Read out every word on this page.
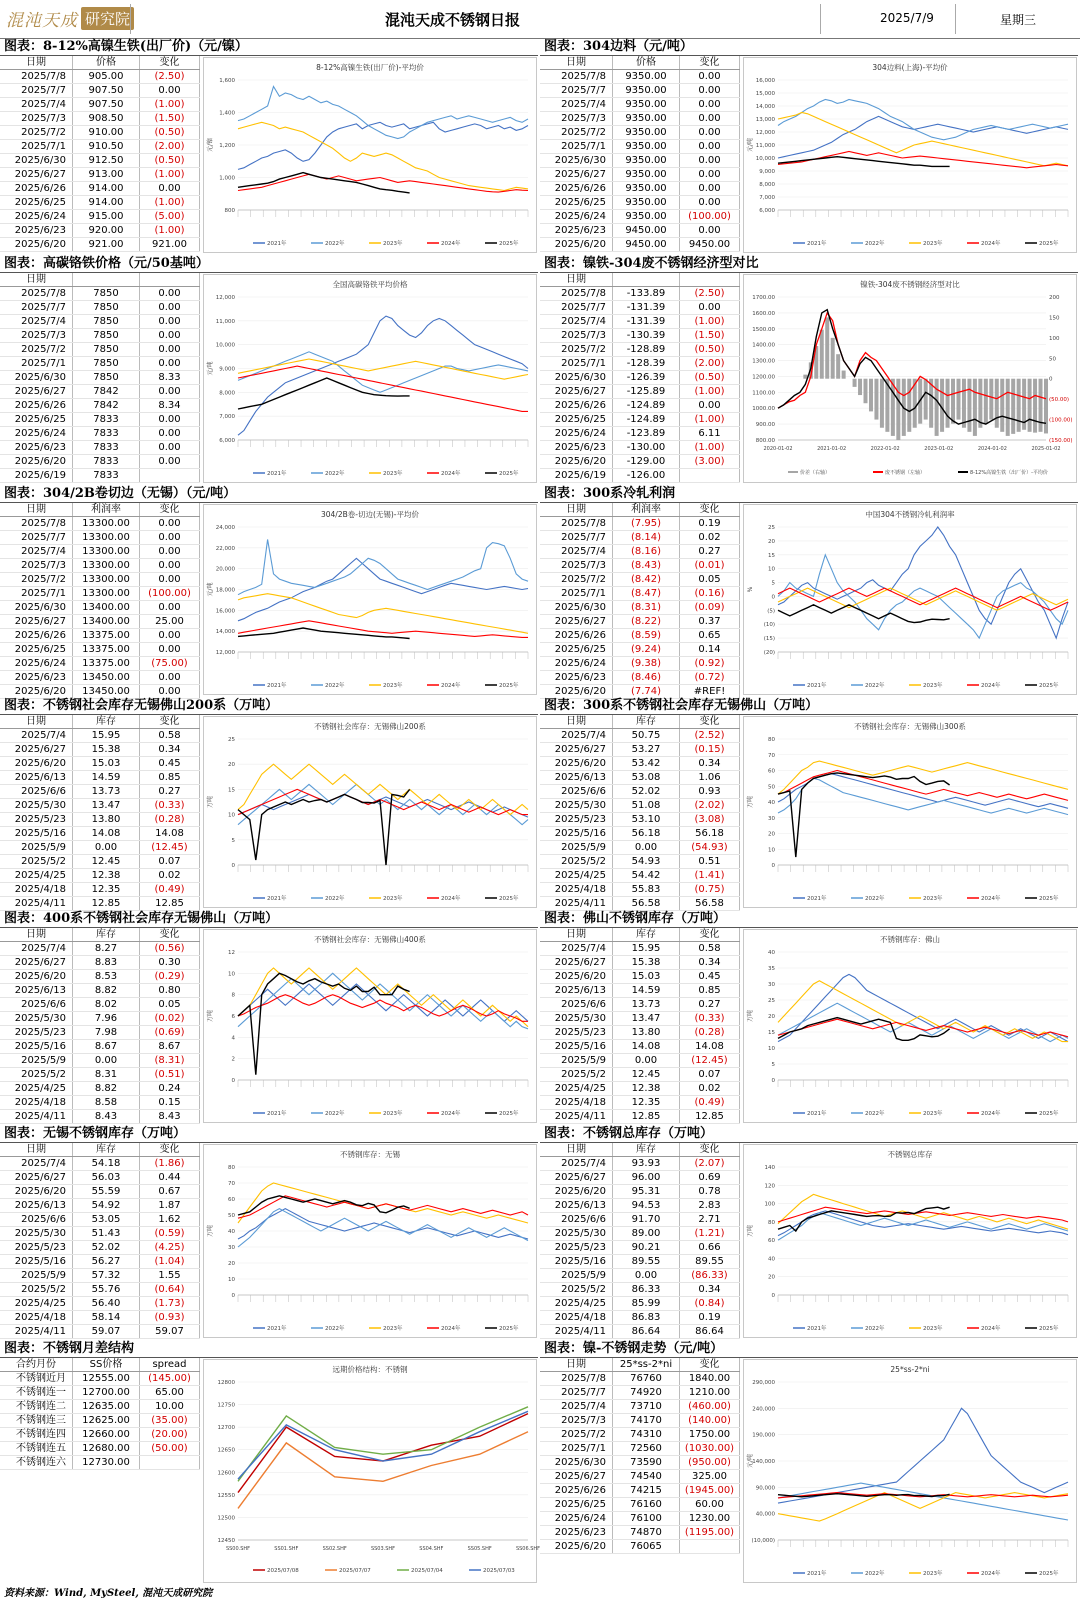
混沌天成 研究院	混沌天成不锈钢日报	2025/7/9	星期三
图表：8-12%高镍生铁(出厂价)（元/镍）
日期	价格	变化
2025/7/8	905.00	(2.50)
2025/7/7	907.50	0.00
2025/7/4	907.50	(1.00)
2025/7/3	908.50	(1.50)
2025/7/2	910.00	(0.50)
2025/7/1	910.50	(2.00)
2025/6/30	912.50	(0.50)
2025/6/27	913.00	(1.00)
2025/6/26	914.00	0.00
2025/6/25	914.00	(1.00)
2025/6/24	915.00	(5.00)
2025/6/23	920.00	(1.00)
2025/6/20	921.00	921.00
8-12%高镍生铁(出厂价)-平均价
元/镍
1,600
1,400
1,200
1,000
800
2021年	2022年	2023年	2024年	2025年
图表：304边料（元/吨）
日期	价格	变化
2025/7/8	9350.00	0.00
2025/7/7	9350.00	0.00
2025/7/4	9350.00	0.00
2025/7/3	9350.00	0.00
2025/7/2	9350.00	0.00
2025/7/1	9350.00	0.00
2025/6/30	9350.00	0.00
2025/6/27	9350.00	0.00
2025/6/26	9350.00	0.00
2025/6/25	9350.00	0.00
2025/6/24	9350.00	(100.00)
2025/6/23	9450.00	0.00
2025/6/20	9450.00	9450.00
304边料(上海)-平均价
元/吨
16,000
15,000
14,000
13,000
12,000
11,000
10,000
9,000
8,000
7,000
6,000
2021年	2022年	2023年	2024年	2025年
图表：高碳铬铁价格（元/50基吨）
日期		
2025/7/8	7850	0.00
2025/7/7	7850	0.00
2025/7/4	7850	0.00
2025/7/3	7850	0.00
2025/7/2	7850	0.00
2025/7/1	7850	0.00
2025/6/30	7850	8.33
2025/6/27	7842	0.00
2025/6/26	7842	8.34
2025/6/25	7833	0.00
2025/6/24	7833	0.00
2025/6/23	7833	0.00
2025/6/20	7833	0.00
2025/6/19	7833	
全国高碳铬铁平均价格
元/吨
12,000
11,000
10,000
9,000
8,000
7,000
6,000
2021年	2022年	2023年	2024年	2025年
图表：镍铁-304废不锈钢经济型对比
日期		
2025/7/8	-133.89	(2.50)
2025/7/7	-131.39	0.00
2025/7/4	-131.39	(1.00)
2025/7/3	-130.39	(1.50)
2025/7/2	-128.89	(0.50)
2025/7/1	-128.39	(2.00)
2025/6/30	-126.39	(0.50)
2025/6/27	-125.89	(1.00)
2025/6/26	-124.89	0.00
2025/6/25	-124.89	(1.00)
2025/6/24	-123.89	6.11
2025/6/23	-130.00	(1.00)
2025/6/20	-129.00	(3.00)
2025/6/19	-126.00	
镍铁-304废不锈钢经济型对比
1700.00
1600.00
1500.00
1400.00
1300.00
1200.00
1100.00
1000.00
900.00
800.00
200
150
100
50
0
(50.00)
(100.00)
(150.00)
2020-01-02	2021-01-02	2022-01-02	2023-01-02	2024-01-02	2025-01-02
价差（右轴）	废不锈钢（左轴）	8-12%高镍生铁（出厂价）-平均价
图表：304/2B卷切边（无锡）（元/吨）
日期	利润率	变化
2025/7/8	13300.00	0.00
2025/7/7	13300.00	0.00
2025/7/4	13300.00	0.00
2025/7/3	13300.00	0.00
2025/7/2	13300.00	0.00
2025/7/1	13300.00	(100.00)
2025/6/30	13400.00	0.00
2025/6/27	13400.00	25.00
2025/6/26	13375.00	0.00
2025/6/25	13375.00	0.00
2025/6/24	13375.00	(75.00)
2025/6/23	13450.00	0.00
2025/6/20	13450.00	0.00
304/2B卷-切边(无锡)-平均价
元/吨
24,000
22,000
20,000
18,000
16,000
14,000
12,000
2021年	2022年	2023年	2024年	2025年
图表：300系冷轧利润
日期	利润率	变化
2025/7/8	(7.95)	0.19
2025/7/7	(8.14)	0.02
2025/7/4	(8.16)	0.27
2025/7/3	(8.43)	(0.01)
2025/7/2	(8.42)	0.05
2025/7/1	(8.47)	(0.16)
2025/6/30	(8.31)	(0.09)
2025/6/27	(8.22)	0.37
2025/6/26	(8.59)	0.65
2025/6/25	(9.24)	0.14
2025/6/24	(9.38)	(0.92)
2025/6/23	(8.46)	(0.72)
2025/6/20	(7.74)	#REF!
中国304不锈钢冷轧利润率
%
25
20
15
10
5
0
(5)
(10)
(15)
(20)
2021年	2022年	2023年	2024年	2025年
图表：不锈钢社会库存无锡佛山200系（万吨）
日期	库存	变化
2025/7/4	15.95	0.58
2025/6/27	15.38	0.34
2025/6/20	15.03	0.45
2025/6/13	14.59	0.85
2025/6/6	13.73	0.27
2025/5/30	13.47	(0.33)
2025/5/23	13.80	(0.28)
2025/5/16	14.08	14.08
2025/5/9	0.00	(12.45)
2025/5/2	12.45	0.07
2025/4/25	12.38	0.02
2025/4/18	12.35	(0.49)
2025/4/11	12.85	12.85
不锈钢社会库存：无锡佛山200系
万吨
25
20
15
10
5
0
2021年	2022年	2023年	2024年	2025年
图表：300系不锈钢社会库存无锡佛山（万吨）
日期	库存	变化
2025/7/4	50.75	(2.52)
2025/6/27	53.27	(0.15)
2025/6/20	53.42	0.34
2025/6/13	53.08	1.06
2025/6/6	52.02	0.93
2025/5/30	51.08	(2.02)
2025/5/23	53.10	(3.08)
2025/5/16	56.18	56.18
2025/5/9	0.00	(54.93)
2025/5/2	54.93	0.51
2025/4/25	54.42	(1.41)
2025/4/18	55.83	(0.75)
2025/4/11	56.58	56.58
不锈钢社会库存：无锡佛山300系
万吨
80
70
60
50
40
30
20
10
0
2021年	2022年	2023年	2024年	2025年
图表：400系不锈钢社会库存无锡佛山（万吨）
日期	库存	变化
2025/7/4	8.27	(0.56)
2025/6/27	8.83	0.30
2025/6/20	8.53	(0.29)
2025/6/13	8.82	0.80
2025/6/6	8.02	0.05
2025/5/30	7.96	(0.02)
2025/5/23	7.98	(0.69)
2025/5/16	8.67	8.67
2025/5/9	0.00	(8.31)
2025/5/2	8.31	(0.51)
2025/4/25	8.82	0.24
2025/4/18	8.58	0.15
2025/4/11	8.43	8.43
不锈钢社会库存：无锡佛山400系
万吨
12
10
8
6
4
2
0
2021年	2022年	2023年	2024年	2025年
图表：佛山不锈钢库存（万吨）
日期	库存	变化
2025/7/4	15.95	0.58
2025/6/27	15.38	0.34
2025/6/20	15.03	0.45
2025/6/13	14.59	0.85
2025/6/6	13.73	0.27
2025/5/30	13.47	(0.33)
2025/5/23	13.80	(0.28)
2025/5/16	14.08	14.08
2025/5/9	0.00	(12.45)
2025/5/2	12.45	0.07
2025/4/25	12.38	0.02
2025/4/18	12.35	(0.49)
2025/4/11	12.85	12.85
不锈钢库存：佛山
万吨
40
35
30
25
20
15
10
5
0
2021年	2022年	2023年	2024年	2025年
图表：无锡不锈钢库存（万吨）
日期	库存	变化
2025/7/4	54.18	(1.86)
2025/6/27	56.03	0.44
2025/6/20	55.59	0.67
2025/6/13	54.92	1.87
2025/6/6	53.05	1.62
2025/5/30	51.43	(0.59)
2025/5/23	52.02	(4.25)
2025/5/16	56.27	(1.04)
2025/5/9	57.32	1.55
2025/5/2	55.76	(0.64)
2025/4/25	56.40	(1.73)
2025/4/18	58.14	(0.93)
2025/4/11	59.07	59.07
不锈钢库存：无锡
万吨
80
70
60
50
40
30
20
10
0
2021年	2022年	2023年	2024年	2025年
图表：不锈钢总库存（万吨）
日期	库存	变化
2025/7/4	93.93	(2.07)
2025/6/27	96.00	0.69
2025/6/20	95.31	0.78
2025/6/13	94.53	2.83
2025/6/6	91.70	2.71
2025/5/30	89.00	(1.21)
2025/5/23	90.21	0.66
2025/5/16	89.55	89.55
2025/5/9	0.00	(86.33)
2025/5/2	86.33	0.34
2025/4/25	85.99	(0.84)
2025/4/18	86.83	0.19
2025/4/11	86.64	86.64
不锈钢总库存
万吨
140
120
100
80
60
40
20
0
2021年	2022年	2023年	2024年	2025年
图表：不锈钢月差结构
合约月份	SS价格	spread
不锈钢近月	12555.00	(145.00)
不锈钢连一	12700.00	65.00
不锈钢连二	12635.00	10.00
不锈钢连三	12625.00	(35.00)
不锈钢连四	12660.00	(20.00)
不锈钢连五	12680.00	(50.00)
不锈钢连六	12730.00	
远期价格结构：不锈钢
12800
12750
12700
12650
12600
12550
12500
12450
SS00.SHF	SS01.SHF	SS02.SHF	SS03.SHF	SS04.SHF	SS05.SHF	SS06.SHF
2025/07/08	2025/07/07	2025/07/04	2025/07/03
图表：镍-不锈钢走势（元/吨）
日期	25*ss-2*ni	变化
2025/7/8	76760	1840.00
2025/7/7	74920	1210.00
2025/7/4	73710	(460.00)
2025/7/3	74170	(140.00)
2025/7/2	74310	1750.00
2025/7/1	72560	(1030.00)
2025/6/30	73590	(950.00)
2025/6/27	74540	325.00
2025/6/26	74215	(1945.00)
2025/6/25	76160	60.00
2025/6/24	76100	1230.00
2025/6/23	74870	(1195.00)
2025/6/20	76065	
25*ss-2*ni
元/吨
290,000
240,000
190,000
140,000
90,000
40,000
(10,000)
2021年	2022年	2023年	2024年	2025年
资料来源：Wind, MySteel, 混沌天成研究院
